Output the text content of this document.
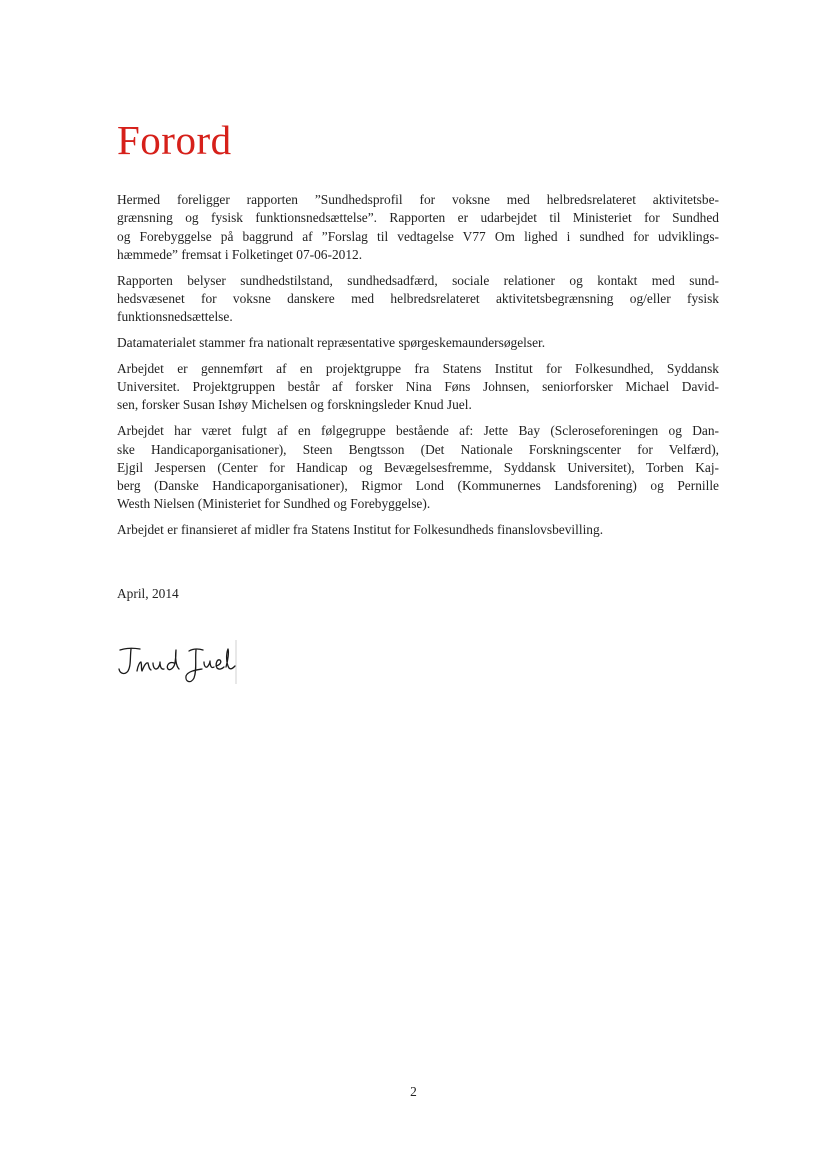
Forord

Hermed foreligger rapporten ”Sundhedsprofil for voksne med helbredsrelateret aktivitetsbe-
grænsning og fysisk funktionsnedsættelse”. Rapporten er udarbejdet til Ministeriet for Sundhed
og Forebyggelse på baggrund af ”Forslag til vedtagelse V77 Om lighed i sundhed for udviklings-
hæmmede” fremsat i Folketinget 07-06-2012.

Rapporten belyser sundhedstilstand, sundhedsadfærd, sociale relationer og kontakt med sund-
hedsvæsenet for voksne danskere med helbredsrelateret aktivitetsbegrænsning og/eller fysisk
funktionsnedsættelse.

Datamaterialet stammer fra nationalt repræsentative spørgeskemaundersøgelser.

Arbejdet er gennemført af en projektgruppe fra Statens Institut for Folkesundhed, Syddansk
Universitet. Projektgruppen består af forsker Nina Føns Johnsen, seniorforsker Michael David-
sen, forsker Susan Ishøy Michelsen og forskningsleder Knud Juel.

Arbejdet har været fulgt af en følgegruppe bestående af: Jette Bay (Scleroseforeningen og Dan-
ske Handicaporganisationer), Steen Bengtsson (Det Nationale Forskningscenter for Velfærd),
Ejgil Jespersen (Center for Handicap og Bevægelsesfremme, Syddansk Universitet), Torben Kaj-
berg (Danske Handicaporganisationer), Rigmor Lond (Kommunernes Landsforening) og Pernille
Westh Nielsen (Ministeriet for Sundhed og Forebyggelse).

Arbejdet er finansieret af midler fra Statens Institut for Folkesundheds finanslovsbevilling.

April, 2014
2
